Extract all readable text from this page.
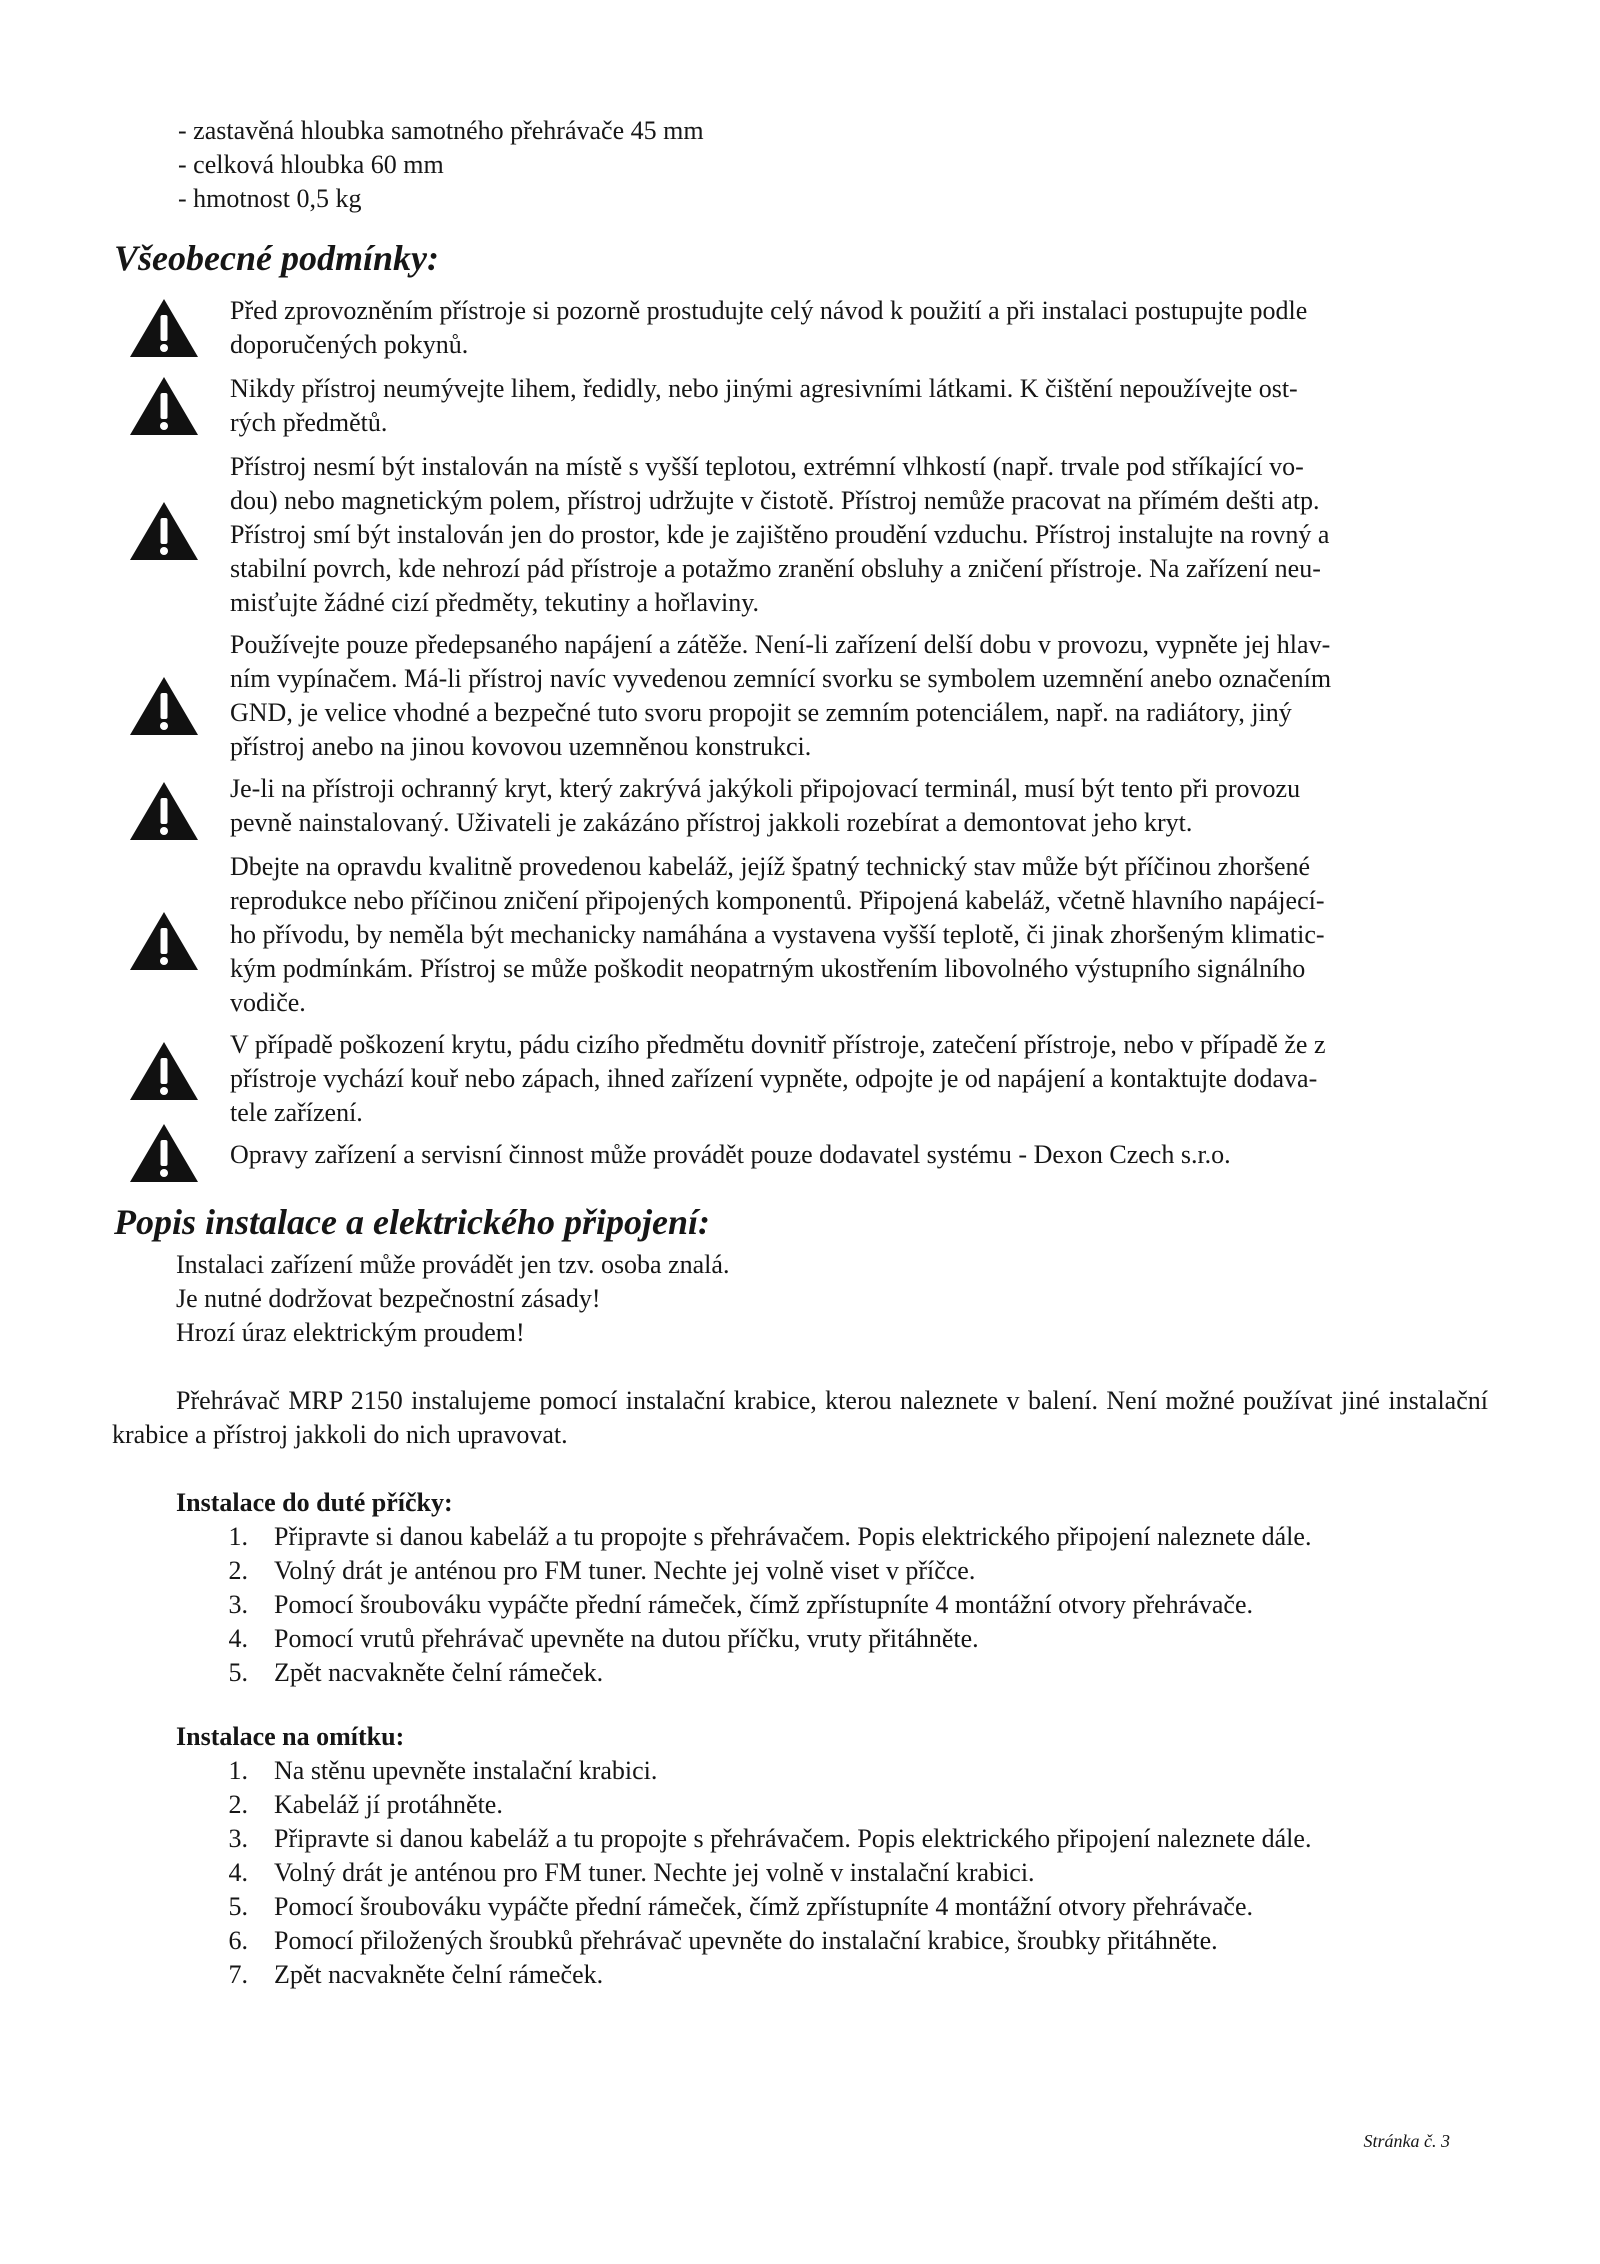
- zastavěná hloubka samotného přehrávače 45 mm
- celková hloubka 60 mm
- hmotnost 0,5 kg
Všeobecné podmínky:
Před zprovozněním přístroje si pozorně prostudujte celý návod k použití a při instalaci postupujte podle
doporučených pokynů.
Nikdy přístroj neumývejte lihem, ředidly, nebo jinými agresivními látkami. K čištění nepoužívejte ost-
rých předmětů.
Přístroj nesmí být instalován na místě s vyšší teplotou, extrémní vlhkostí (např. trvale pod stříkající vo-
dou) nebo magnetickým polem, přístroj udržujte v čistotě. Přístroj nemůže pracovat na přímém dešti atp.
Přístroj smí být instalován jen do prostor, kde je zajištěno proudění vzduchu. Přístroj instalujte na rovný a
stabilní povrch, kde nehrozí pád přístroje a potažmo zranění obsluhy a zničení přístroje. Na zařízení neu-
misťujte žádné cizí předměty, tekutiny a hořlaviny.
Používejte pouze předepsaného napájení a zátěže. Není-li zařízení delší dobu v provozu, vypněte jej hlav-
ním vypínačem. Má-li přístroj navíc vyvedenou zemnící svorku se symbolem uzemnění anebo označením
GND, je velice vhodné a bezpečné tuto svoru propojit se zemním potenciálem, např. na radiátory, jiný
přístroj anebo na jinou kovovou uzemněnou konstrukci.
Je-li na přístroji ochranný kryt, který zakrývá jakýkoli připojovací terminál, musí být tento při provozu
pevně nainstalovaný. Uživateli je zakázáno přístroj jakkoli rozebírat a demontovat jeho kryt.
Dbejte na opravdu kvalitně provedenou kabeláž, jejíž špatný technický stav může být příčinou zhoršené
reprodukce nebo příčinou zničení připojených komponentů. Připojená kabeláž, včetně hlavního napájecí-
ho přívodu, by neměla být mechanicky namáhána a vystavena vyšší teplotě, či jinak zhoršeným klimatic-
kým podmínkám. Přístroj se může poškodit neopatrným ukostřením libovolného výstupního signálního
vodiče.
V případě poškození krytu, pádu cizího předmětu dovnitř přístroje, zatečení přístroje, nebo v případě že z
přístroje vychází kouř nebo zápach, ihned zařízení vypněte, odpojte je od napájení a kontaktujte dodava-
tele zařízení.
Opravy zařízení a servisní činnost může provádět pouze dodavatel systému - Dexon Czech s.r.o.
Popis instalace a elektrického připojení:
Instalaci zařízení může provádět jen tzv. osoba znalá.
Je nutné dodržovat bezpečnostní zásady!
Hrozí úraz elektrickým proudem!

Přehrávač MRP 2150 instalujeme pomocí instalační krabice, kterou naleznete v balení. Není možné používat jiné instalační krabice a přístroj jakkoli do nich upravovat.

Instalace do duté příčky:
1. Připravte si danou kabeláž a tu propojte s přehrávačem. Popis elektrického připojení naleznete dále.
2. Volný drát je anténou pro FM tuner. Nechte jej volně viset v příčce.
3. Pomocí šroubováku vypáčte přední rámeček, čímž zpřístupníte 4 montážní otvory přehrávače.
4. Pomocí vrutů přehrávač upevněte na dutou příčku, vruty přitáhněte.
5. Zpět nacvakněte čelní rámeček.
Instalace na omítku:
1. Na stěnu upevněte instalační krabici.
2. Kabeláž jí protáhněte.
3. Připravte si danou kabeláž a tu propojte s přehrávačem. Popis elektrického připojení naleznete dále.
4. Volný drát je anténou pro FM tuner. Nechte jej volně v instalační krabici.
5. Pomocí šroubováku vypáčte přední rámeček, čímž zpřístupníte 4 montážní otvory přehrávače.
6. Pomocí přiložených šroubků přehrávač upevněte do instalační krabice, šroubky přitáhněte.
7. Zpět nacvakněte čelní rámeček.
Stránka č. 3
